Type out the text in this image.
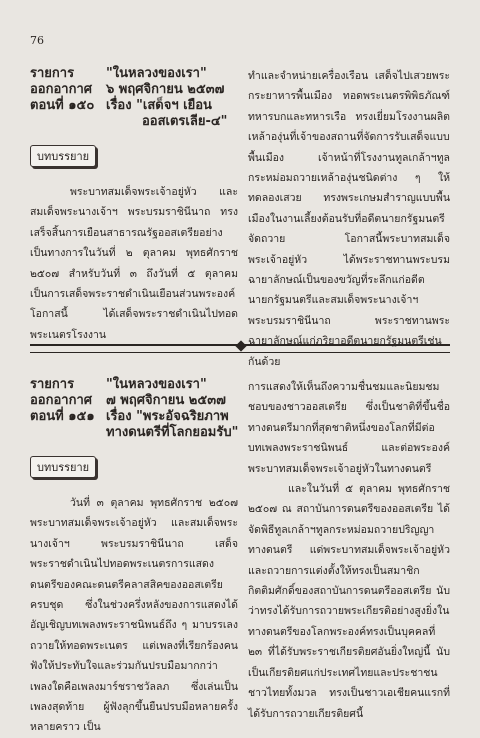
76
รายการ
ออกอากาศ
ตอนที่ ๑๕๐
"ในหลวงของเรา"
๖ พฤศจิกายน ๒๕๓๗
เรื่อง "เสด็จฯ เยือน
ออสเตรเลีย-๔"
บทบรรยาย

พระบาทสมเด็จพระเจ้าอยู่หัว และสมเด็จพระนางเจ้าฯ พระบรมราชินีนาถ ทรงเสร็จสิ้นการเยือนสาธารณรัฐออสเตรียอย่างเป็นทางการในวันที่ ๒ ตุลาคม พุทธศักราช ๒๕๐๗ สำหรับวันที่ ๓ ถึงวันที่ ๕ ตุลาคม เป็นการเสด็จพระราชดำเนินเยือนส่วนพระองค์ โอกาสนี้ ได้เสด็จพระราชดำเนินไปทอดพระเนตรโรงงาน

ทำและจำหน่ายเครื่องเรือน เสด็จไปเสวยพระกระยาหารพื้นเมือง ทอดพระเนตรพิพิธภัณฑ์ทหารบกและทหารเรือ ทรงเยี่ยมโรงงานผลิตเหล้าองุ่นที่เจ้าของสถานที่จัดการรับเสด็จแบบพื้นเมือง เจ้าหน้าที่โรงงานทูลเกล้าฯทูลกระหม่อมถวายเหล้าองุ่นชนิดต่าง ๆ ให้ทดลองเสวย ทรงพระเกษมสำราญแบบพื้นเมืองในงานเลี้ยงต้อนรับที่อดีตนายกรัฐมนตรีจัดถวาย โอกาสนี้พระบาทสมเด็จพระเจ้าอยู่หัว ได้พระราชทานพระบรมฉายาลักษณ์เป็นของขวัญที่ระลึกแก่อดีตนายกรัฐมนตรีและสมเด็จพระนางเจ้าฯ พระบรมราชินีนาถ พระราชทานพระฉายาลักษณ์แก่ภริยาอดีตนายกรัฐมนตรีเช่นกันด้วย

รายการ
ออกอากาศ
ตอนที่ ๑๕๑
"ในหลวงของเรา"
๗ พฤศจิกายน ๒๕๓๗
เรื่อง "พระอัจฉริยภาพ
ทางดนตรีที่โลกยอมรับ"
บทบรรยาย

วันที่ ๓ ตุลาคม พุทธศักราช ๒๕๐๗ พระบาทสมเด็จพระเจ้าอยู่หัว และสมเด็จพระนางเจ้าฯ พระบรมราชินีนาถ เสด็จพระราชดำเนินไปทอดพระเนตรการแสดงดนตรีของคณะดนตรีคลาสสิคของออสเตรียครบชุด ซึ่งในช่วงครึ่งหลังของการแสดงได้อัญเชิญบทเพลงพระราชนิพนธ์ถึง ๆ มาบรรเลงถวายให้ทอดพระเนตร แต่เพลงที่เรียกร้องคนฟังให้ประทับใจและร่วมกันปรบมือมากกว่าเพลงใดคือเพลงมาร์ชราชวัลลภ ซึ่งเล่นเป็นเพลงสุดท้าย ผู้ฟังลุกขึ้นยืนปรบมือหลายครั้งหลายคราว เป็น

การแสดงให้เห็นถึงความชื่นชมและนิยมชมชอบของชาวออสเตรีย ซึ่งเป็นชาติที่ขึ้นชื่อทางดนตรีมากที่สุดชาติหนึ่งของโลกที่มีต่อบทเพลงพระราชนิพนธ์ และต่อพระองค์ พระบาทสมเด็จพระเจ้าอยู่หัวในทางดนตรี

และในวันที่ ๕ ตุลาคม พุทธศักราช ๒๕๐๗ ณ สถาบันการดนตรีของออสเตรีย ได้จัดพิธีทูลเกล้าฯทูลกระหม่อมถวายปริญญาทางดนตรี แด่พระบาทสมเด็จพระเจ้าอยู่หัวและถวายการแต่งตั้งให้ทรงเป็นสมาชิกกิตติมศักดิ์ของสถาบันการดนตรีออสเตรีย นับว่าทรงได้รับการถวายพระเกียรติอย่างสูงยิ่งในทางดนตรีของโลกพระองค์ทรงเป็นบุคคลที่ ๒๓ ที่ได้รับพระราชเกียรติยศอันยิ่งใหญ่นี้ นับเป็นเกียรติยศแก่ประเทศไทยและประชาชนชาวไทยทั้งมวล ทรงเป็นชาวเอเชียคนแรกที่ได้รับการถวายเกียรติยศนี้
